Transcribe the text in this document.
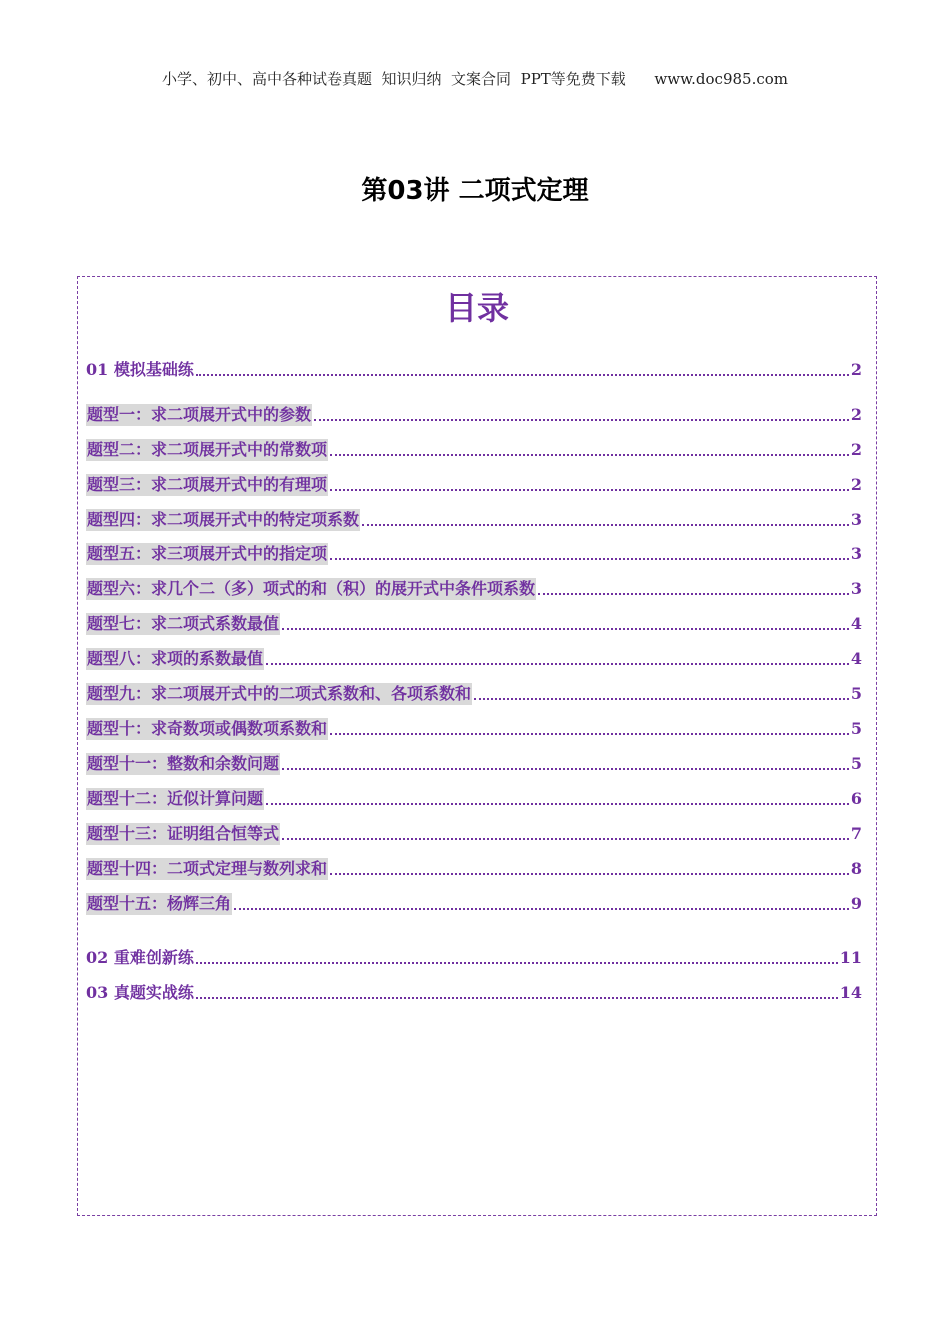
小学、初中、高中各种试卷真题  知识归纳  文案合同  PPT等免费下载 www.doc985.com
第03讲 二项式定理
目录
01 模拟基础练	2
题型一：求二项展开式中的参数	2
题型二：求二项展开式中的常数项	2
题型三：求二项展开式中的有理项	2
题型四：求二项展开式中的特定项系数	3
题型五：求三项展开式中的指定项	3
题型六：求几个二（多）项式的和（积）的展开式中条件项系数	3
题型七：求二项式系数最值	4
题型八：求项的系数最值	4
题型九：求二项展开式中的二项式系数和、各项系数和	5
题型十：求奇数项或偶数项系数和	5
题型十一：整数和余数问题	5
题型十二：近似计算问题	6
题型十三：证明组合恒等式	7
题型十四：二项式定理与数列求和	8
题型十五：杨辉三角	9
02 重难创新练	11
03 真题实战练	14
